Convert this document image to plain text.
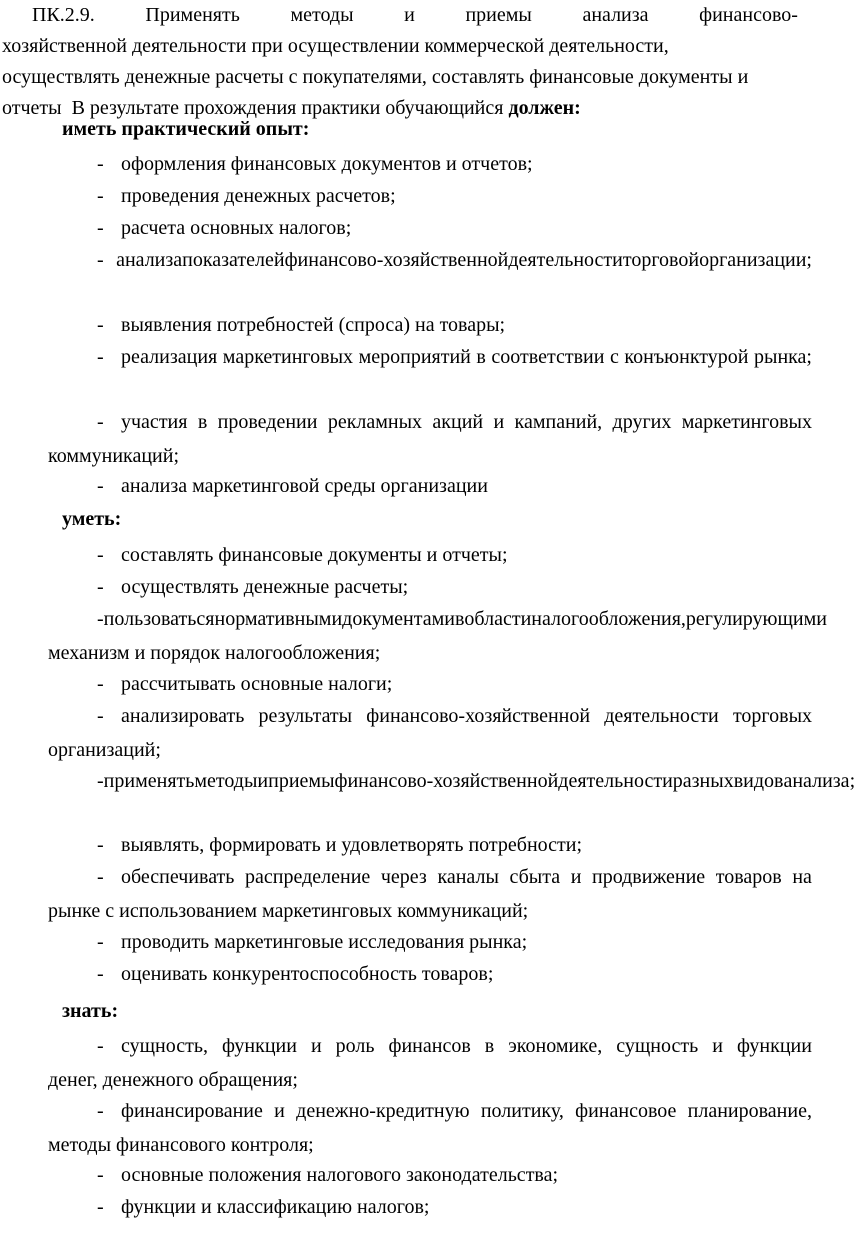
ПК.2.9.	Применять	методы	и	приемы	анализа	финансово-
хозяйственной деятельности при осуществлении коммерческой деятельности,
осуществлять денежные расчеты с покупателями, составлять финансовые документы и
отчеты  В результате прохождения практики обучающийся должен:
иметь практический опыт:
уметь:
знать:
- оформления финансовых документов и отчетов;
- проведения денежных расчетов;
- расчета основных налогов;
- анализа показателей финансово-хозяйственной деятельности торговой организации;
- выявления потребностей (спроса) на товары;
- реализация маркетинговых мероприятий в соответствии с конъюнктурой рынка;
- участия в проведении рекламных акций и кампаний, других маркетинговых
коммуникаций;
- анализа маркетинговой среды организации
- составлять финансовые документы и отчеты;
- осуществлять денежные расчеты;
- пользоваться нормативными документами в области налогообложения, регулирующими
механизм и порядок налогообложения;
- рассчитывать основные налоги;
- анализировать результаты финансово-хозяйственной деятельности торговых
организаций;
- применять методы и приемы финансово-хозяйственной деятельности разных видов анализа;
- выявлять, формировать и удовлетворять потребности;
- обеспечивать распределение через каналы сбыта и продвижение товаров на
рынке с использованием маркетинговых коммуникаций;
- проводить маркетинговые исследования рынка;
- оценивать конкурентоспособность товаров;
- сущность, функции и роль финансов в экономике, сущность и функции
денег, денежного обращения;
- финансирование и денежно-кредитную политику, финансовое планирование,
методы финансового контроля;
- основные положения налогового законодательства;
- функции и классификацию налогов;
